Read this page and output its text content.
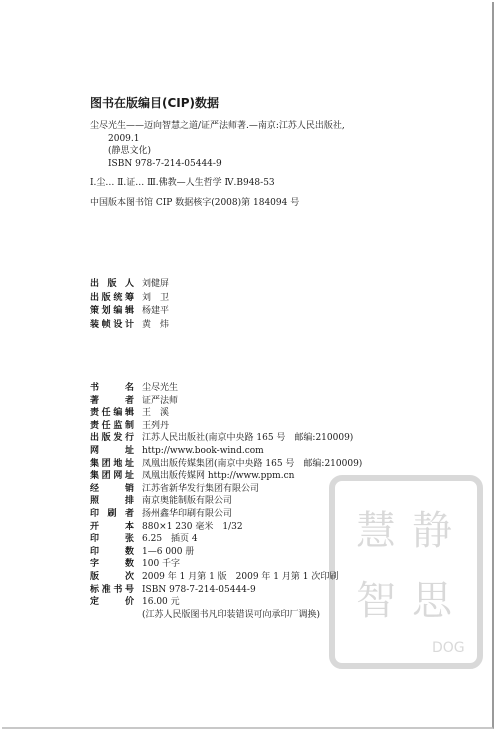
图书在版编目(CIP)数据
尘尽光生——迈向智慧之道/证严法师著.—南京:江苏人民出版社,
2009.1
(静思文化)
ISBN 978-7-214-05444-9
Ⅰ.尘… Ⅱ.证… Ⅲ.佛教—人生哲学 Ⅳ.B948-53
中国版本图书馆 CIP 数据核字(2008)第 184094 号
出 版 人 刘健屏
出版统筹 刘　卫
策划编辑 杨建平
装帧设计 黄　炜
书　　名 尘尽光生
著　　者 证严法师
责任编辑 王　溪
责任监制 王列丹
出版发行 江苏人民出版社(南京中央路 165 号　邮编:210009)
网　　址 http://www.book-wind.com
集团地址 凤凰出版传媒集团(南京中央路 165 号　邮编:210009)
集团网址 凤凰出版传媒网 http://www.ppm.cn
经　　销 江苏省新华发行集团有限公司
照　　排 南京奥能制版有限公司
印 刷 者 扬州鑫华印刷有限公司
开　　本 880×1 230 毫米　1/32
印　　张 6.25　插页 4
印　　数 1—6 000 册
字　　数 100 千字
版　　次 2009 年 1 月第 1 版　2009 年 1 月第 1 次印刷
标准书号 ISBN 978-7-214-05444-9
定　　价 16.00 元
(江苏人民版图书凡印装错误可向承印厂调换)
慧 静
智 思
DOG
